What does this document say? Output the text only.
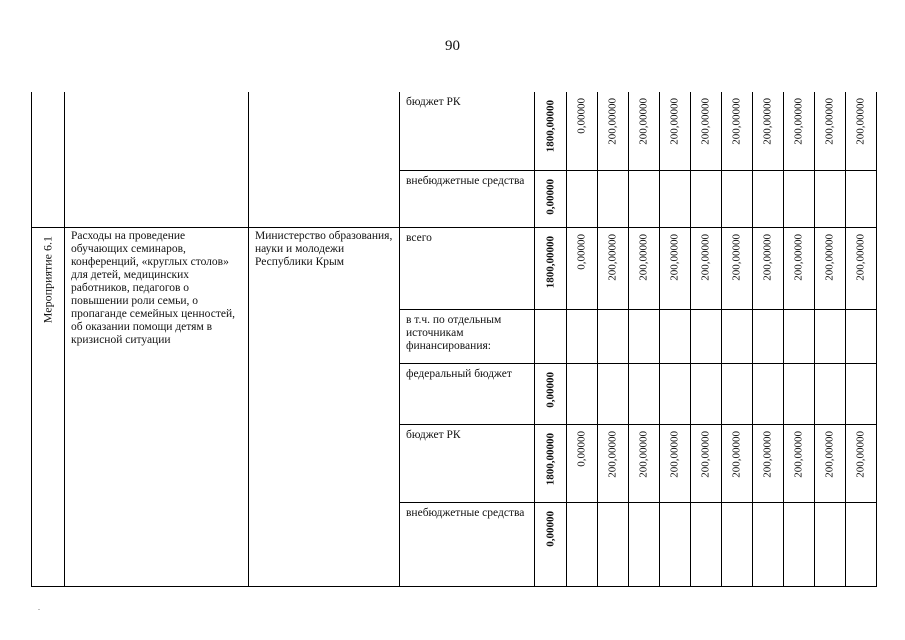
90

			бюджет РК	1800,00000	0,00000	200,00000	200,00000	200,00000	200,00000	200,00000	200,00000	200,00000	200,00000	200,00000

			внебюджетные средства	0,00000										

Мероприятие 6.1	Расходы на проведение обучающих семинаров, конференций, «круглых столов» для детей, медицинских работников, педагогов о повышении роли семьи, о пропаганде семейных ценностей, об оказании помощи детям в кризисной ситуации	Министерство образования, науки и молодежи Республики Крым	всего	1800,00000	0,00000	200,00000	200,00000	200,00000	200,00000	200,00000	200,00000	200,00000	200,00000	200,00000

			в т.ч. по отдельным источникам финансирования:											

			федеральный бюджет	0,00000										

			бюджет РК	1800,00000	0,00000	200,00000	200,00000	200,00000	200,00000	200,00000	200,00000	200,00000	200,00000	200,00000

			внебюджетные средства	0,00000										

.
